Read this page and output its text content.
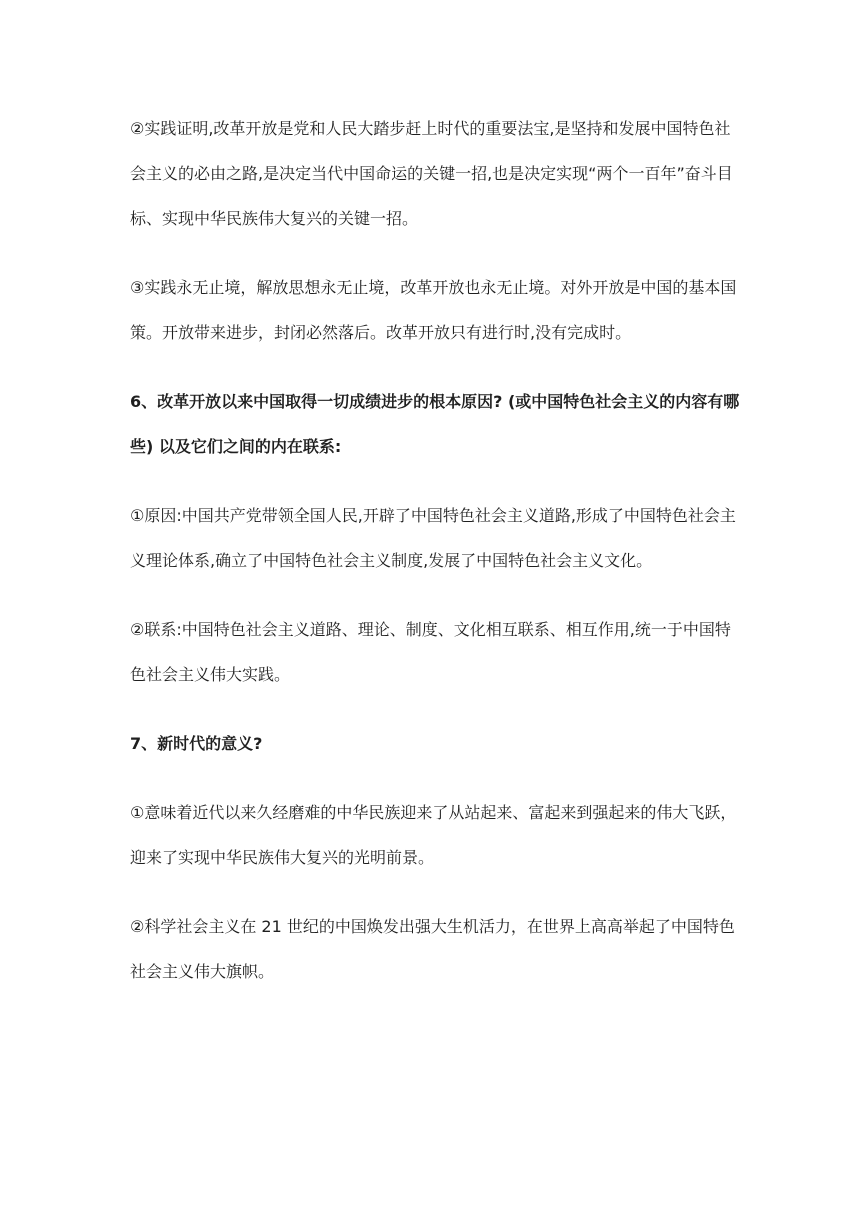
②实践证明,改革开放是党和人民大踏步赶上时代的重要法宝,是坚持和发展中国特色社会主义的必由之路,是决定当代中国命运的关键一招,也是决定实现“两个一百年”奋斗目标、实现中华民族伟大复兴的关键一招。

③实践永无止境，解放思想永无止境，改革开放也永无止境。对外开放是中国的基本国策。开放带来进步，封闭必然落后。改革开放只有进行时,没有完成时。

6、改革开放以来中国取得一切成绩进步的根本原因? (或中国特色社会主义的内容有哪些) 以及它们之间的内在联系:

①原因:中国共产党带领全国人民,开辟了中国特色社会主义道路,形成了中国特色社会主义理论体系,确立了中国特色社会主义制度,发展了中国特色社会主义文化。

②联系:中国特色社会主义道路、理论、制度、文化相互联系、相互作用,统一于中国特色社会主义伟大实践。

7、新时代的意义?

①意味着近代以来久经磨难的中华民族迎来了从站起来、富起来到强起来的伟大飞跃，迎来了实现中华民族伟大复兴的光明前景。

②科学社会主义在 21 世纪的中国焕发出强大生机活力，在世界上高高举起了中国特色社会主义伟大旗帜。
